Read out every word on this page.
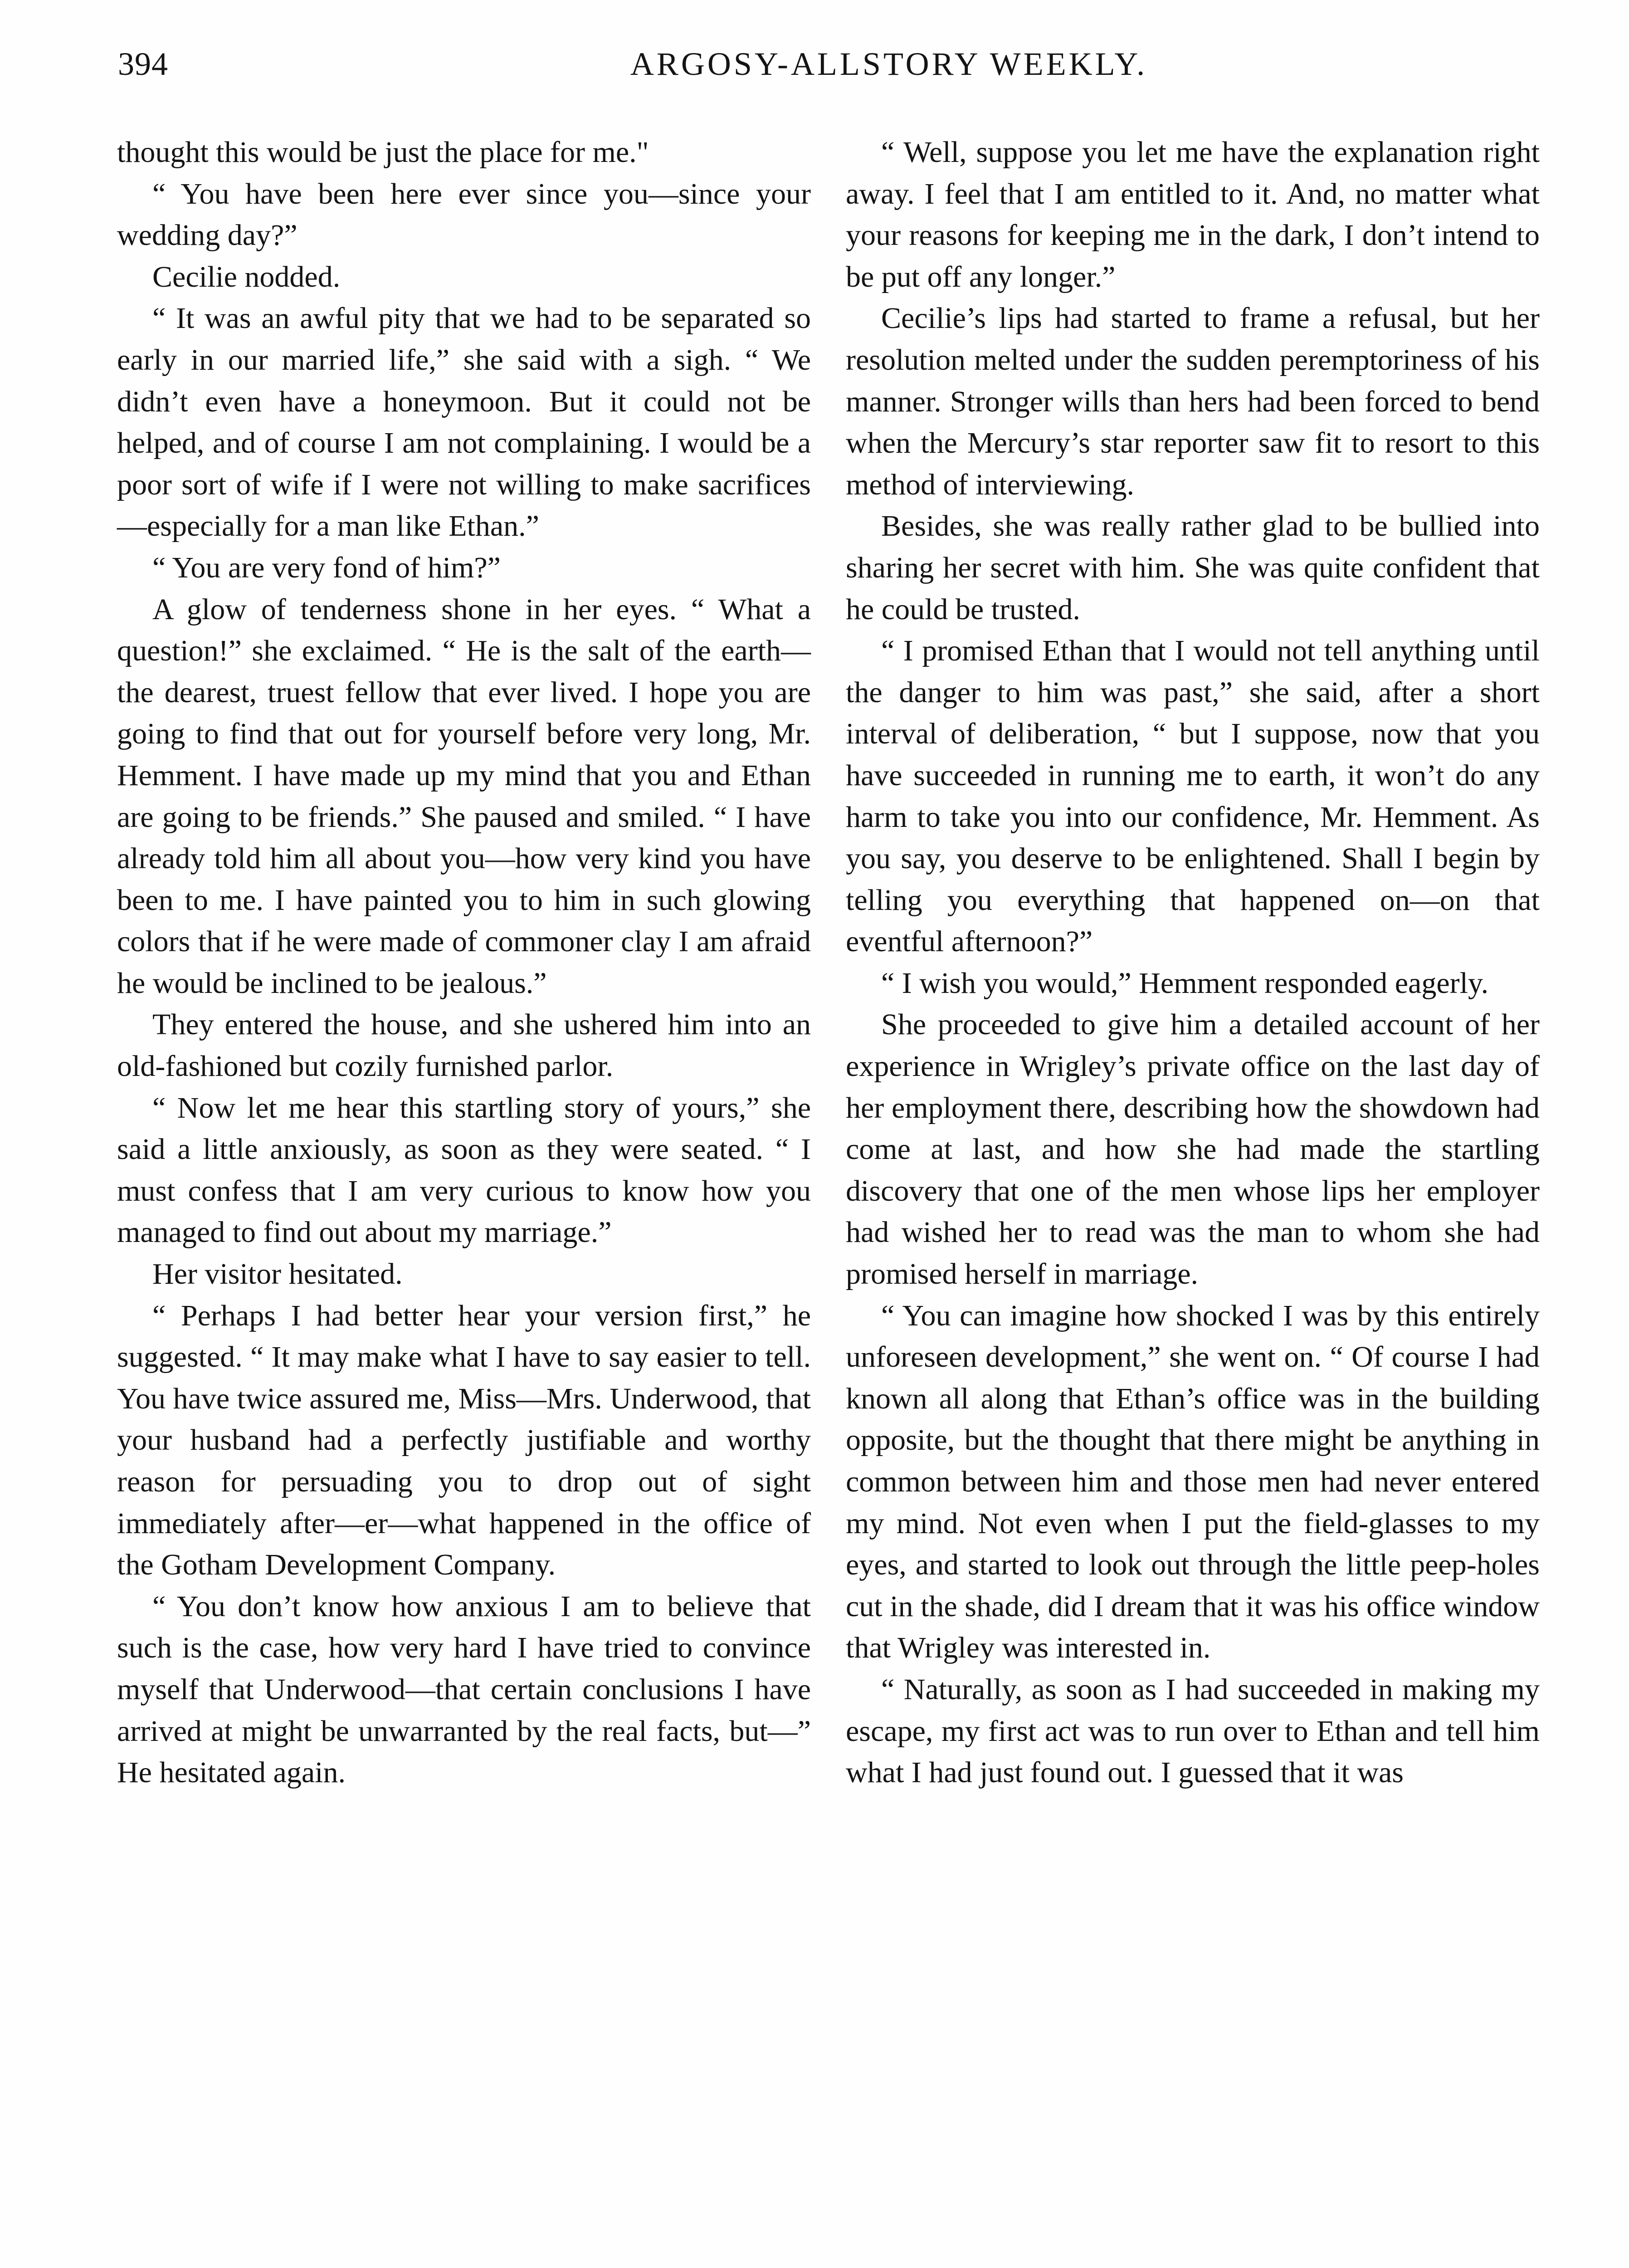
394	ARGOSY-ALLSTORY WEEKLY.

thought this would be just the place for me."

“ You have been here ever since you—since your wedding day?”

Cecilie nodded.

“ It was an awful pity that we had to be separated so early in our married life,” she said with a sigh. “ We didn’t even have a honeymoon. But it could not be helped, and of course I am not complaining. I would be a poor sort of wife if I were not willing to make sacrifices—especially for a man like Ethan.”

“ You are very fond of him?”

A glow of tenderness shone in her eyes. “ What a question!” she exclaimed. “ He is the salt of the earth—the dearest, truest fellow that ever lived. I hope you are going to find that out for yourself before very long, Mr. Hemment. I have made up my mind that you and Ethan are going to be friends.” She paused and smiled. “ I have already told him all about you—how very kind you have been to me. I have painted you to him in such glowing colors that if he were made of commoner clay I am afraid he would be inclined to be jealous.”

They entered the house, and she ushered him into an old-fashioned but cozily furnished parlor.

“ Now let me hear this startling story of yours,” she said a little anxiously, as soon as they were seated. “ I must confess that I am very curious to know how you managed to find out about my marriage.”

Her visitor hesitated.

“ Perhaps I had better hear your version first,” he suggested. “ It may make what I have to say easier to tell. You have twice assured me, Miss—Mrs. Underwood, that your husband had a perfectly justifiable and worthy reason for persuading you to drop out of sight immediately after—er—what happened in the office of the Gotham Development Company.

“ You don’t know how anxious I am to believe that such is the case, how very hard I have tried to convince myself that Underwood—that certain conclusions I have arrived at might be unwarranted by the real facts, but—” He hesitated again.

“ Well, suppose you let me have the explanation right away. I feel that I am entitled to it. And, no matter what your reasons for keeping me in the dark, I don’t intend to be put off any longer.”

Cecilie’s lips had started to frame a refusal, but her resolution melted under the sudden peremptoriness of his manner. Stronger wills than hers had been forced to bend when the Mercury’s star reporter saw fit to resort to this method of interviewing.

Besides, she was really rather glad to be bullied into sharing her secret with him. She was quite confident that he could be trusted.

“ I promised Ethan that I would not tell anything until the danger to him was past,” she said, after a short interval of deliberation, “ but I suppose, now that you have succeeded in running me to earth, it won’t do any harm to take you into our confidence, Mr. Hemment. As you say, you deserve to be enlightened. Shall I begin by telling you everything that happened on—on that eventful afternoon?”

“ I wish you would,” Hemment responded eagerly.

She proceeded to give him a detailed account of her experience in Wrigley’s private office on the last day of her employment there, describing how the showdown had come at last, and how she had made the startling discovery that one of the men whose lips her employer had wished her to read was the man to whom she had promised herself in marriage.

“ You can imagine how shocked I was by this entirely unforeseen development,” she went on. “ Of course I had known all along that Ethan’s office was in the building opposite, but the thought that there might be anything in common between him and those men had never entered my mind. Not even when I put the field-glasses to my eyes, and started to look out through the little peep-holes cut in the shade, did I dream that it was his office window that Wrigley was interested in.

“ Naturally, as soon as I had succeeded in making my escape, my first act was to run over to Ethan and tell him what I had just found out. I guessed that it was
